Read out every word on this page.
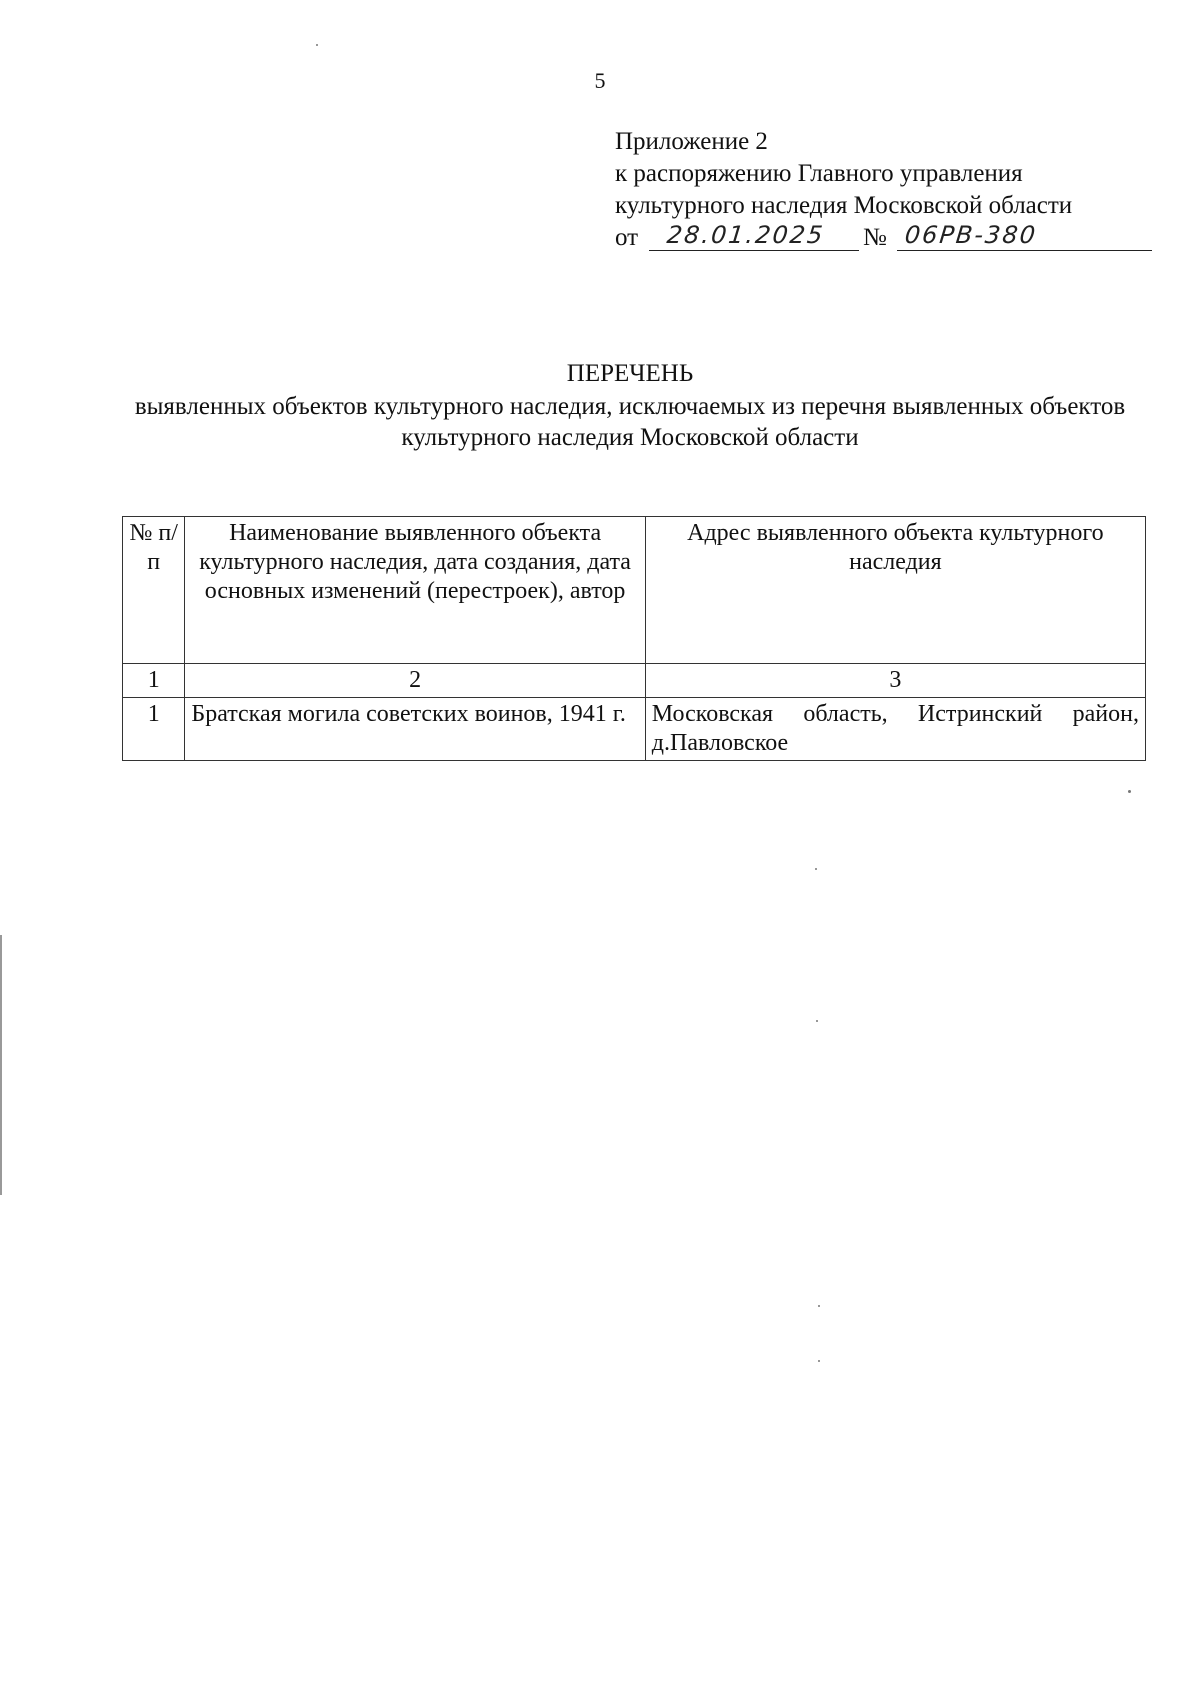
5
Приложение 2
к распоряжению Главного управления
культурного наследия Московской области
от 28.01.2025 № 06РВ-380
ПЕРЕЧЕНЬ
выявленных объектов культурного наследия, исключаемых из перечня выявленных объектов культурного наследия Московской области
№ п/п	Наименование выявленного объекта культурного наследия, дата создания, дата основных изменений (перестроек), автор	Адрес выявленного объекта культурного наследия
1	2	3
1	Братская могила советских воинов, 1941 г.	Московская область, Истринский район, д.Павловское
